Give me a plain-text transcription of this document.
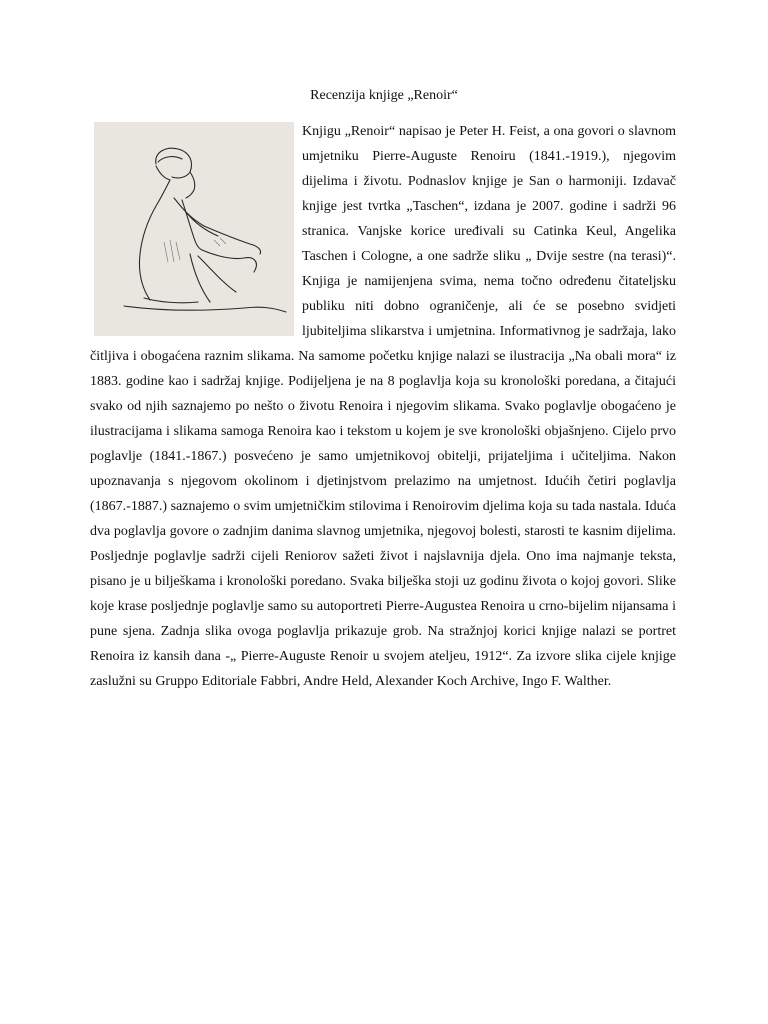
Recenzija knjige „Renoir“

Knjigu „Renoir“ napisao je Peter H. Feist, a ona govori o slavnom umjetniku Pierre-Auguste Renoiru (1841.-1919.), njegovim dijelima i životu. Podnaslov knjige je San o harmoniji. Izdavač knjige jest tvrtka „Taschen“, izdana je 2007. godine i sadrži 96 stranica. Vanjske korice uređivali su Catinka Keul, Angelika Taschen i Cologne, a one sadrže sliku „ Dvije sestre (na terasi)“. Knjiga je namijenjena svima, nema točno određenu čitateljsku publiku niti dobno ograničenje, ali će se posebno svidjeti ljubiteljima slikarstva i umjetnina. Informativnog je sadržaja, lako čitljiva i obogaćena raznim slikama. Na samome početku knjige nalazi se ilustracija „Na obali mora“ iz 1883. godine kao i sadržaj knjige. Podijeljena je na 8 poglavlja koja su kronološki poredana, a čitajući svako od njih saznajemo po nešto o životu Renoira i njegovim slikama. Svako poglavlje obogaćeno je ilustracijama i slikama samoga Renoira kao i tekstom u kojem je sve kronološki objašnjeno. Cijelo prvo poglavlje (1841.-1867.) posvećeno je samo umjetnikovoj obitelji, prijateljima i učiteljima. Nakon upoznavanja s njegovom okolinom i djetinjstvom prelazimo na umjetnost. Idućih četiri poglavlja (1867.-1887.) saznajemo o svim umjetničkim stilovima i Renoirovim djelima koja su tada nastala. Iduća dva poglavlja govore o zadnjim danima slavnog umjetnika, njegovoj bolesti, starosti te kasnim dijelima. Posljednje poglavlje sadrži cijeli Reniorov sažeti život i najslavnija djela. Ono ima najmanje teksta, pisano je u bilješkama i kronološki poredano. Svaka bilješka stoji uz godinu života o kojoj govori. Slike koje krase posljednje poglavlje samo su autoportreti Pierre-Augustea Renoira u crno-bijelim nijansama i pune sjena. Zadnja slika ovoga poglavlja prikazuje grob. Na stražnjoj korici knjige nalazi se portret Renoira iz kansih dana -„ Pierre-Auguste Renoir u svojem ateljeu, 1912“. Za izvore slika cijele knjige zaslužni su Gruppo Editoriale Fabbri, Andre Held, Alexander Koch Archive, Ingo F. Walther.
